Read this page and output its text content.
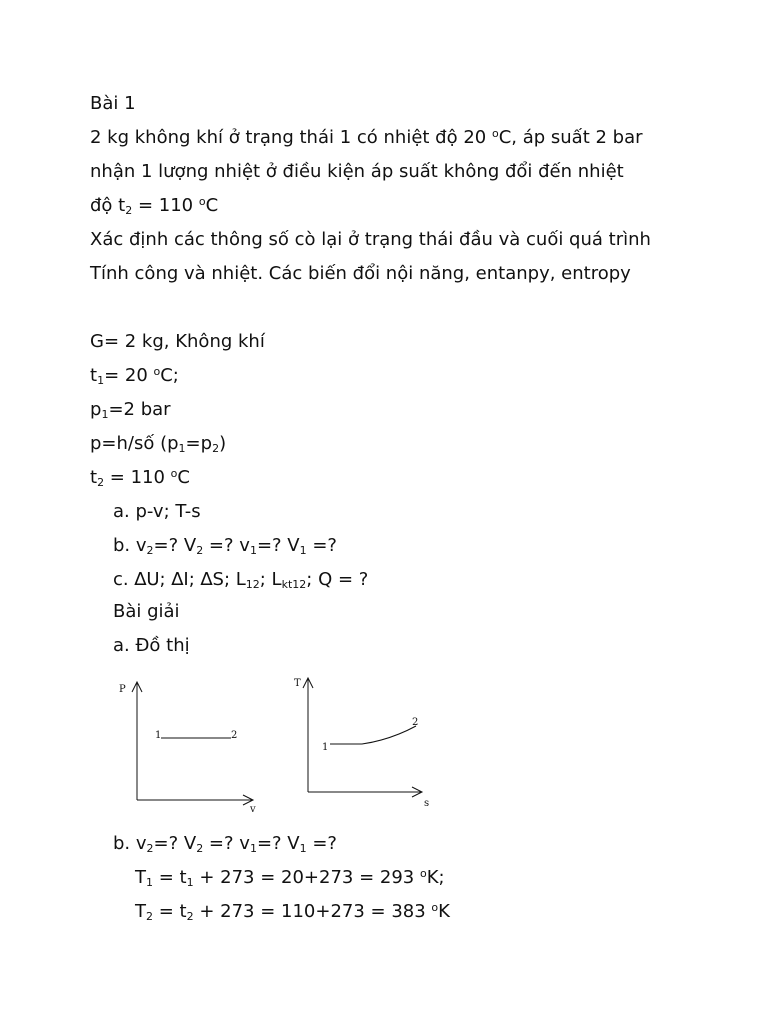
Bài 1
2 kg không khí ở trạng thái 1 có nhiệt độ 20 $^o$C, áp suất 2 bar
nhận 1 lượng nhiệt ở điều kiện áp suất không đổi đến nhiệt
độ $t_2 = 110$ $^o$C
Xác định các thông số cò lại ở trạng thái đầu và cuối quá trình
Tính công và nhiệt. Các biến đổi nội năng, entanpy, entropy
G= 2 kg, Không khí
$t_1= 20$ $^o$C;
$p_1=2$ bar
p=h/số $(p_1=p_2)$
$t_2 = 110$ $^o$C
a. p-v; T-s
b. $v_2=$? $V_2$ =? $v_1=$? $V_1$ =?
c. ∆U; ∆I; ∆S; $L_{12}$; $L_{kt12}$; Q = ?
Bài giải
a. Đồ thị
P
v
1	2
T
s
1
2
b. $v_2=$? $V_2$ =? $v_1=$? $V_1$ =?
$T_1 = t_1 + 273 = 20+273 = 293$ $^o$K;
$T_2 = t_2 + 273 = 110+273 = 383$ $^o$K
